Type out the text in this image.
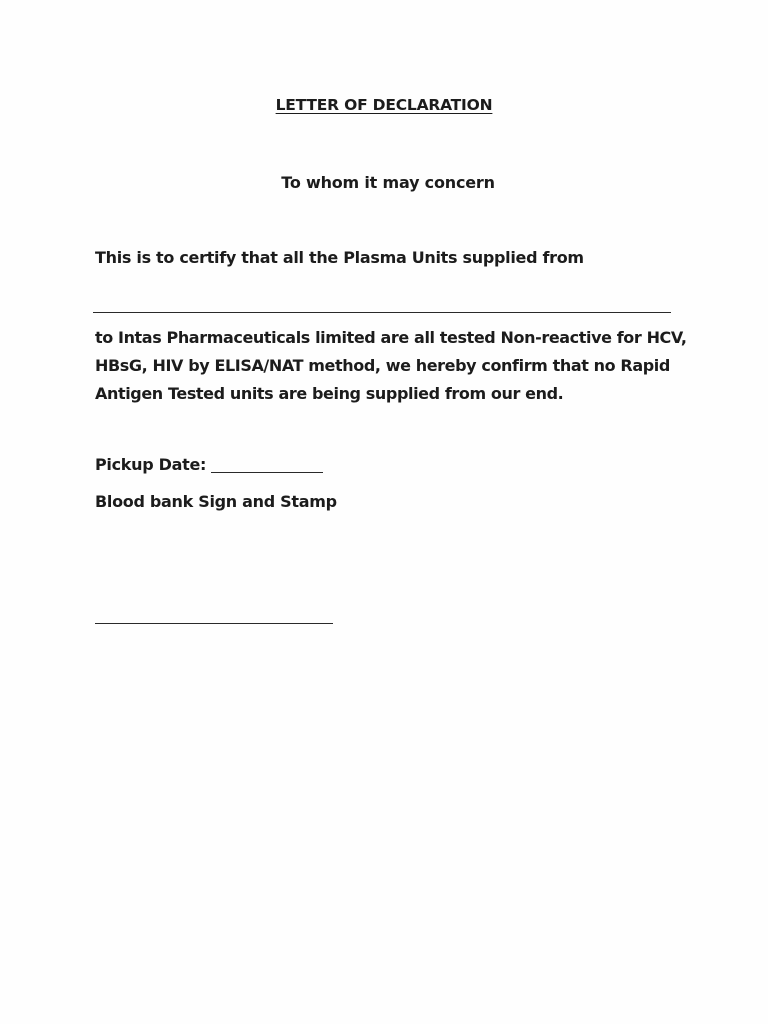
LETTER OF DECLARATION
To whom it may concern
This is to certify that all the Plasma Units supplied from
to Intas Pharmaceuticals limited are all tested Non-reactive for HCV,
HBsG, HIV by ELISA/NAT method, we hereby confirm that no Rapid
Antigen Tested units are being supplied from our end.
Pickup Date:
Blood bank Sign and Stamp
